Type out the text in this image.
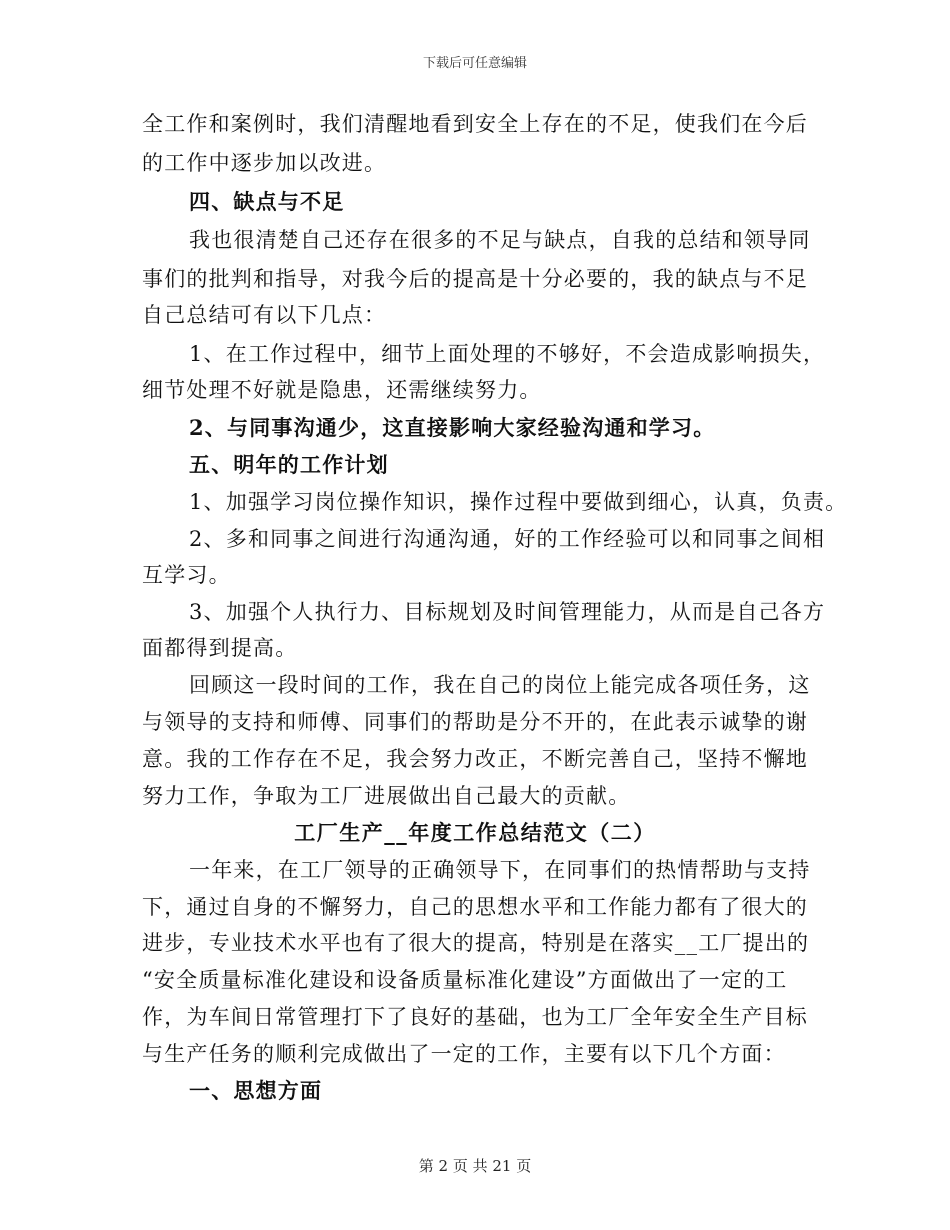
下载后可任意编辑
全工作和案例时，我们清醒地看到安全上存在的不足，使我们在今后
的工作中逐步加以改进。
四、缺点与不足
我也很清楚自己还存在很多的不足与缺点，自我的总结和领导同
事们的批判和指导，对我今后的提高是十分必要的，我的缺点与不足
自己总结可有以下几点：
1、在工作过程中，细节上面处理的不够好，不会造成影响损失，
细节处理不好就是隐患，还需继续努力。
2、与同事沟通少，这直接影响大家经验沟通和学习。
五、明年的工作计划
1、加强学习岗位操作知识，操作过程中要做到细心，认真，负责。
2、多和同事之间进行沟通沟通，好的工作经验可以和同事之间相
互学习。
3、加强个人执行力、目标规划及时间管理能力，从而是自己各方
面都得到提高。
回顾这一段时间的工作，我在自己的岗位上能完成各项任务，这
与领导的支持和师傅、同事们的帮助是分不开的，在此表示诚挚的谢
意。我的工作存在不足，我会努力改正，不断完善自己，坚持不懈地
努力工作，争取为工厂进展做出自己最大的贡献。
工厂生产__年度工作总结范文（二）
一年来，在工厂领导的正确领导下，在同事们的热情帮助与支持
下，通过自身的不懈努力，自己的思想水平和工作能力都有了很大的
进步，专业技术水平也有了很大的提高，特别是在落实__工厂提出的
“安全质量标准化建设和设备质量标准化建设”方面做出了一定的工
作，为车间日常管理打下了良好的基础，也为工厂全年安全生产目标
与生产任务的顺利完成做出了一定的工作，主要有以下几个方面：
一、思想方面
第 2 页 共 21 页
